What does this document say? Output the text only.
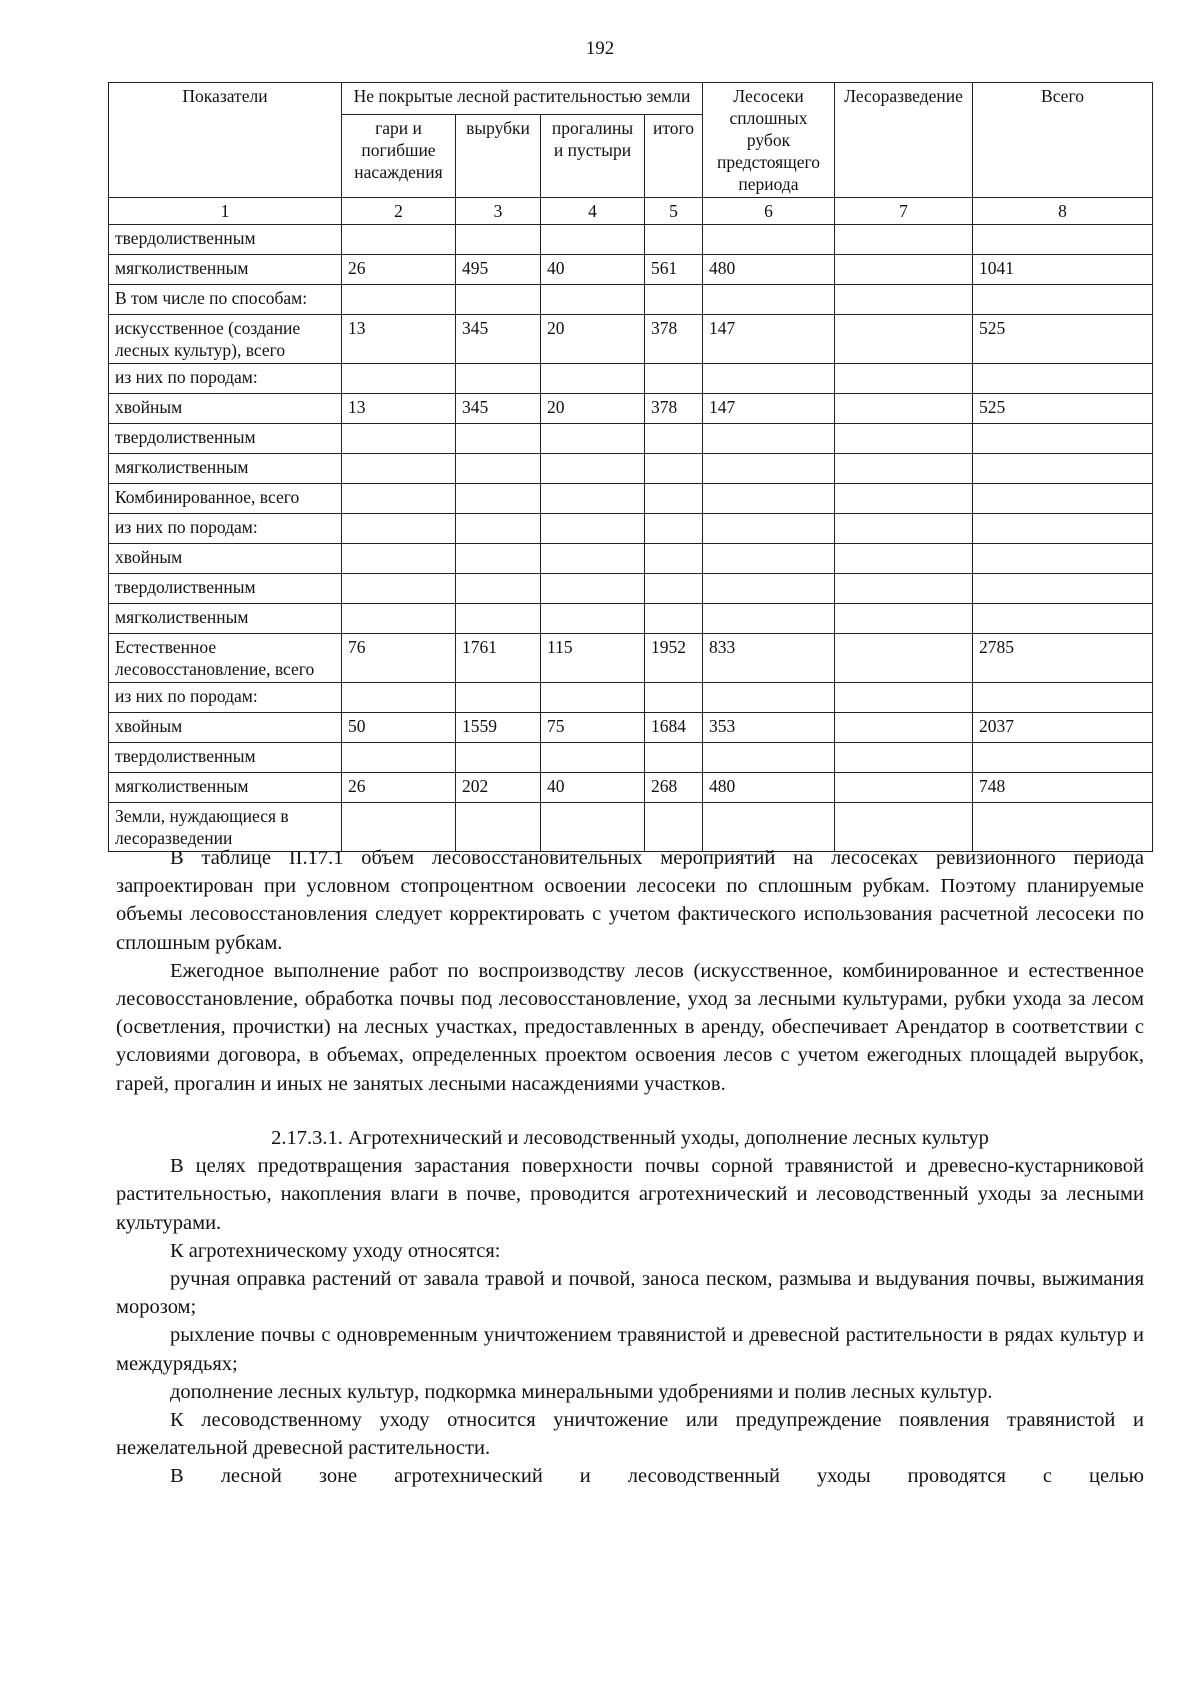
192
Показатели	Не покрытые лесной растительностью земли				Лесосеки сплошных рубок предстоящего периода	Лесоразведение	Всего
	гари и погибшие насаждения	вырубки	прогалины и пустыри	итого			
1	2	3	4	5	6	7	8
твердолиственным							
мягколиственным	26	495	40	561	480		1041
В том числе по способам:							
искусственное (создание лесных культур), всего	13	345	20	378	147		525
из них по породам:							
хвойным	13	345	20	378	147		525
твердолиственным							
мягколиственным							
Комбинированное, всего							
из них по породам:							
хвойным							
твердолиственным							
мягколиственным							
Естественное лесовосстановление, всего	76	1761	115	1952	833		2785
из них по породам:							
хвойным	50	1559	75	1684	353		2037
твердолиственным							
мягколиственным	26	202	40	268	480		748
Земли, нуждающиеся в лесоразведении							

В таблице II.17.1 объем лесовосстановительных мероприятий на лесосеках ревизионного периода запроектирован при условном стопроцентном освоении лесосеки по сплошным рубкам. Поэтому планируемые объемы лесовосстановления следует корректировать с учетом фактического использования расчетной лесосеки по сплошным рубкам.

Ежегодное выполнение работ по воспроизводству лесов (искусственное, комбинированное и естественное лесовосстановление, обработка почвы под лесовосстановление, уход за лесными культурами, рубки ухода за лесом (осветления, прочистки) на лесных участках, предоставленных в аренду, обеспечивает Арендатор в соответствии с условиями договора, в объемах, определенных проектом освоения лесов с учетом ежегодных площадей вырубок, гарей, прогалин и иных не занятых лесными насаждениями участков.

2.17.3.1. Агротехнический и лесоводственный уходы, дополнение лесных культур

В целях предотвращения зарастания поверхности почвы сорной травянистой и древесно-кустарниковой растительностью, накопления влаги в почве, проводится агротехнический и лесоводственный уходы за лесными культурами.

К агротехническому уходу относятся:

ручная оправка растений от завала травой и почвой, заноса песком, размыва и выдувания почвы, выжимания морозом;

рыхление почвы с одновременным уничтожением травянистой и древесной растительности в рядах культур и междурядьях;

дополнение лесных культур, подкормка минеральными удобрениями и полив лесных культур.

К лесоводственному уходу относится уничтожение или предупреждение появления травянистой и нежелательной древесной растительности.

В лесной зоне агротехнический и лесоводственный уходы проводятся с целью
